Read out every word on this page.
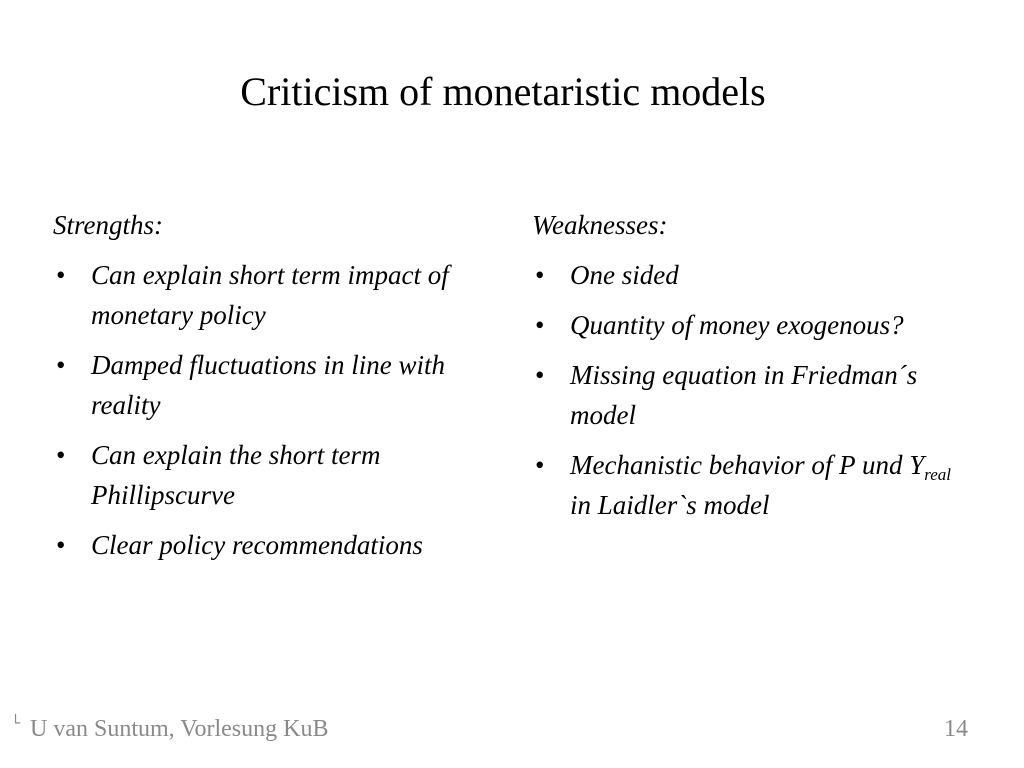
Criticism of monetaristic models
Strengths:
• Can explain short term impact of monetary policy
• Damped fluctuations in line with reality
• Can explain the short term Phillipscurve
• Clear policy recommendations
Weaknesses:
• One sided
• Quantity of money exogenous?
• Missing equation in Friedman´s model
• Mechanistic behavior of P und $Y_{real}$  in Laidler`s model
└ U van Suntum, Vorlesung KuB	14
